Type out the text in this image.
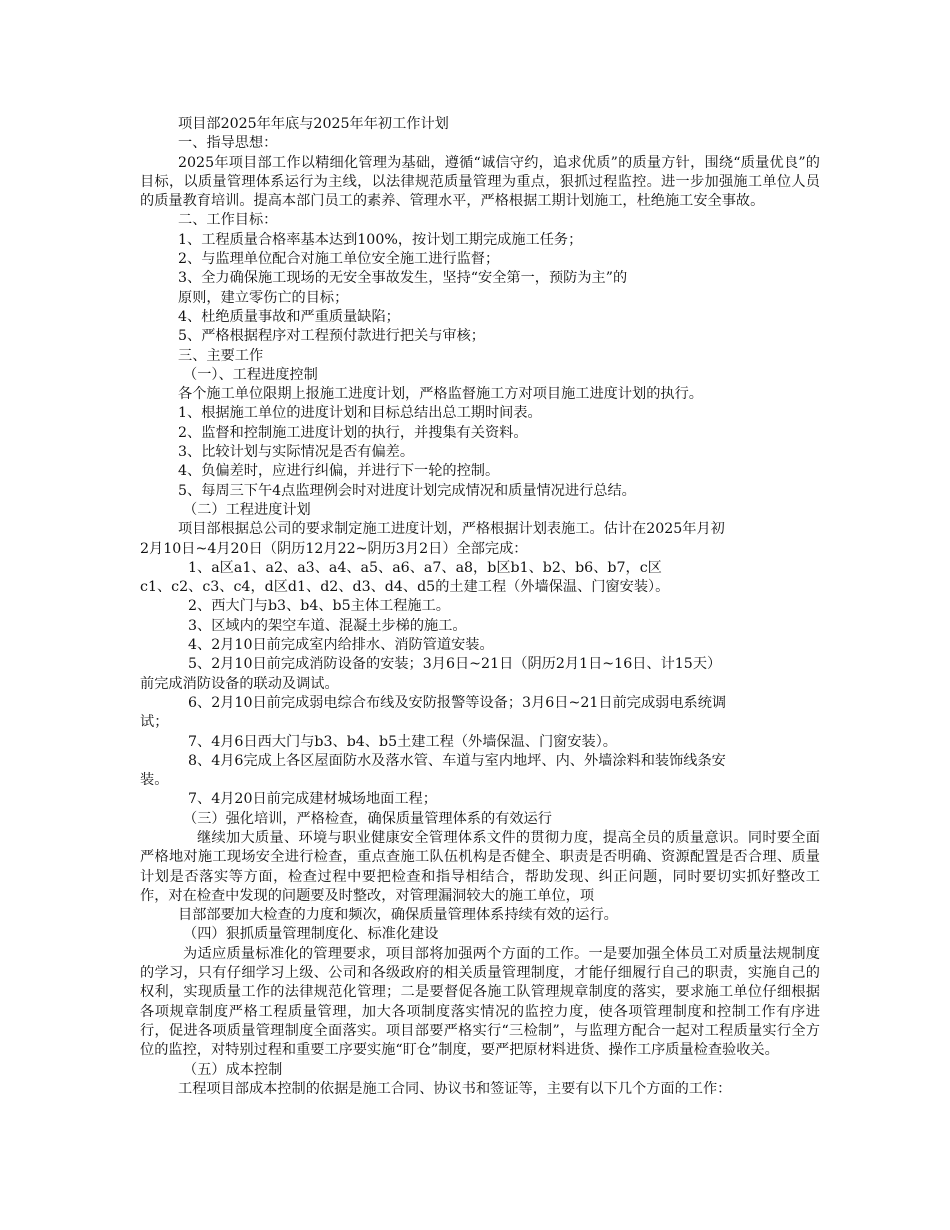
项目部2025年年底与2025年年初工作计划
一、指导思想：
2025年项目部工作以精细化管理为基础，遵循“诚信守约，追求优质”的质量方针，围绕“质量优良”的目标，以质量管理体系运行为主线，以法律规范质量管理为重点，狠抓过程监控。进一步加强施工单位人员的质量教育培训。提高本部门员工的素养、管理水平，严格根据工期计划施工，杜绝施工安全事故。
二、工作目标：
1、工程质量合格率基本达到100%，按计划工期完成施工任务；
2、与监理单位配合对施工单位安全施工进行监督；
3、全力确保施工现场的无安全事故发生，坚持“安全第一，预防为主”的
原则，建立零伤亡的目标；
4、杜绝质量事故和严重质量缺陷；
5、严格根据程序对工程预付款进行把关与审核；
三、主要工作
（一）、工程进度控制
各个施工单位限期上报施工进度计划，严格监督施工方对项目施工进度计划的执行。
1、根据施工单位的进度计划和目标总结出总工期时间表。
2、监督和控制施工进度计划的执行，并搜集有关资料。
3、比较计划与实际情况是否有偏差。
4、负偏差时，应进行纠偏，并进行下一轮的控制。
5、每周三下午4点监理例会时对进度计划完成情况和质量情况进行总结。
（二）工程进度计划
项目部根据总公司的要求制定施工进度计划，严格根据计划表施工。估计在2025年月初
2月10日~4月20日（阴历12月22~阴历3月2日）全部完成：
1、a区a1、a2、a3、a4、a5、a6、a7、a8，b区b1、b2、b6、b7，c区
c1、c2、c3、c4，d区d1、d2、d3、d4、d5的土建工程（外墙保温、门窗安装）。
2、西大门与b3、b4、b5主体工程施工。
3、区域内的架空车道、混凝土步梯的施工。
4、2月10日前完成室内给排水、消防管道安装。
5、2月10日前完成消防设备的安装；3月6日~21日（阴历2月1日~16日、计15天）
前完成消防设备的联动及调试。
6、2月10日前完成弱电综合布线及安防报警等设备；3月6日~21日前完成弱电系统调
试；
7、4月6日西大门与b3、b4、b5土建工程（外墙保温、门窗安装）。
8、4月6完成上各区屋面防水及落水管、车道与室内地坪、内、外墙涂料和装饰线条安
装。
7、4月20日前完成建材城场地面工程；
（三）强化培训，严格检查，确保质量管理体系的有效运行
继续加大质量、环境与职业健康安全管理体系文件的贯彻力度，提高全员的质量意识。同时要全面严格地对施工现场安全进行检查，重点查施工队伍机构是否健全、职责是否明确、资源配置是否合理、质量计划是否落实等方面，检查过程中要把检查和指导相结合，帮助发现、纠正问题，同时要切实抓好整改工作，对在检查中发现的问题要及时整改，对管理漏洞较大的施工单位，项
目部部要加大检查的力度和频次，确保质量管理体系持续有效的运行。
（四）狠抓质量管理制度化、标准化建设
为适应质量标准化的管理要求，项目部将加强两个方面的工作。一是要加强全体员工对质量法规制度的学习，只有仔细学习上级、公司和各级政府的相关质量管理制度，才能仔细履行自己的职责，实施自己的权利，实现质量工作的法律规范化管理；二是要督促各施工队管理规章制度的落实，要求施工单位仔细根据各项规章制度严格工程质量管理，加大各项制度落实情况的监控力度，使各项管理制度和控制工作有序进行，促进各项质量管理制度全面落实。项目部要严格实行“三检制”，与监理方配合一起对工程质量实行全方位的监控，对特别过程和重要工序要实施“盯仓”制度，要严把原材料进货、操作工序质量检查验收关。
（五）成本控制
工程项目部成本控制的依据是施工合同、协议书和签证等，主要有以下几个方面的工作：
